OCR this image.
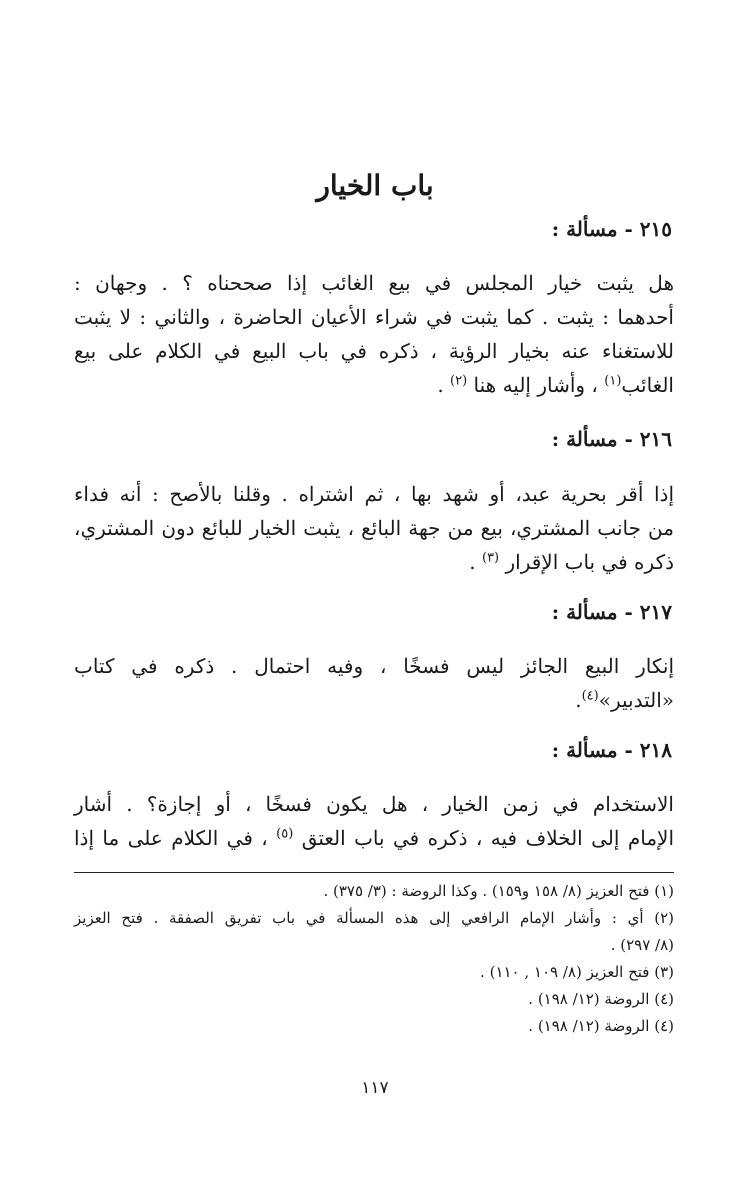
باب الخيار
٢١٥ - مسألة :
هل يثبت خيار المجلس في بيع الغائب إذا صححناه ؟ . وجهان :
أحدهما : يثبت . كما يثبت في شراء الأعيان الحاضرة ، والثاني : لا يثبت
للاستغناء عنه بخيار الرؤية ، ذكره في باب البيع في الكلام على بيع
الغائب$^{(١)}$ ، وأشار إليه هنا $^{(٢)}$ .
٢١٦ - مسألة :
إذا أقر بحرية عبد، أو شهد بها ، ثم اشتراه . وقلنا بالأصح : أنه فداء
من جانب المشتري، بيع من جهة البائع ، يثبت الخيار للبائع دون المشتري،
ذكره في باب الإقرار $^{(٣)}$ .
٢١٧ - مسألة :
إنكار البيع الجائز ليس فسخًا ، وفيه احتمال . ذكره في كتاب
«التدبير»$^{(٤)}$.
٢١٨ - مسألة :
الاستخدام في زمن الخيار ، هل يكون فسخًا ، أو إجازة؟ . أشار
الإمام إلى الخلاف فيه ، ذكره في باب العتق $^{(٥)}$ ، في الكلام على ما إذا
(١) فتح العزيز (٨/ ١٥٨ و١٥٩) . وكذا الروضة : (٣/ ٣٧٥) .
(٢) أي : وأشار الإمام الرافعي إلى هذه المسألة في باب تفريق الصفقة . فتح العزيز
(٨/ ٢٩٧) .
(٣) فتح العزيز (٨/ ١٠٩ , ١١٠) .
(٤) الروضة (١٢/ ١٩٨) .
(٤) الروضة (١٢/ ١٩٨) .
١١٧
